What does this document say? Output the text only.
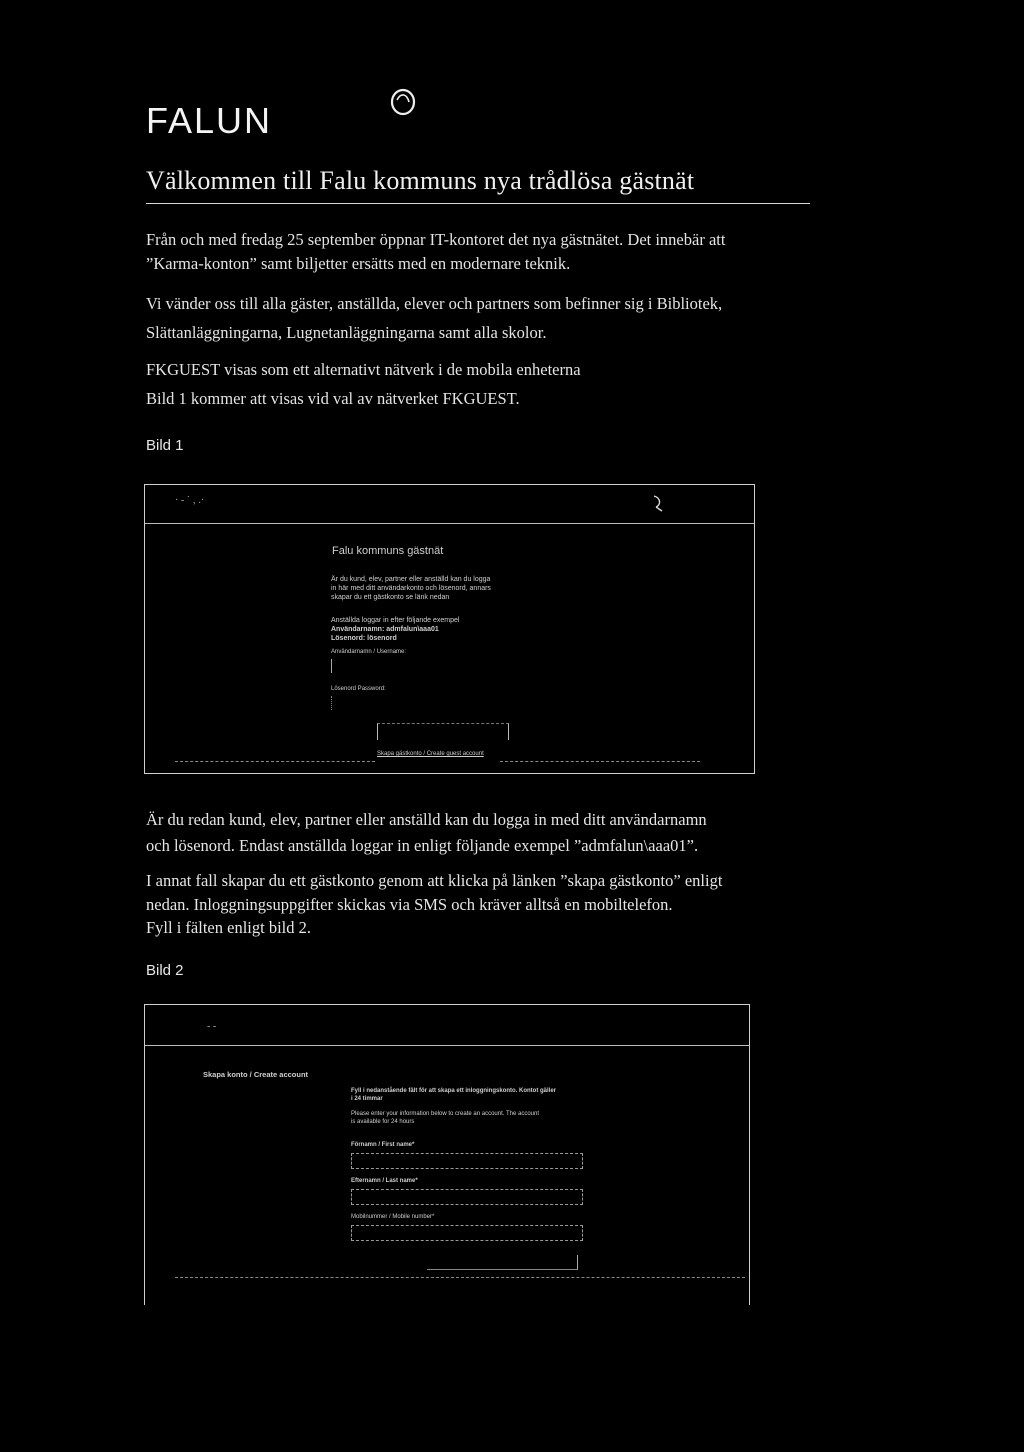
FALUN
Välkommen till Falu kommuns nya trådlösa gästnät
Från och med fredag 25 september öppnar IT-kontoret det nya gästnätet. Det innebär att
”Karma-konton” samt biljetter ersätts med en modernare teknik.
Vi vänder oss till alla gäster, anställda, elever och partners som befinner sig i Bibliotek,
Slättanläggningarna, Lugnetanläggningarna samt alla skolor.
FKGUEST visas som ett alternativt nätverk i de mobila enheterna
Bild 1 kommer att visas vid val av nätverket FKGUEST.
Bild 1
· - ˙ ‚ .·
Falu kommuns gästnät
Är du kund, elev, partner eller anställd kan du logga
in här med ditt användarkonto och lösenord, annars
skapar du ett gästkonto se länk nedan
Anställda loggar in efter följande exempel
Användarnamn: admfalun\aaa01
Lösenord: lösenord
Användarnamn / Username:
Lösenord Password:
Skapa gästkonto / Create guest account
Är du redan kund, elev, partner eller anställd kan du logga in med ditt användarnamn
och lösenord. Endast anställda loggar in enligt följande exempel ”admfalun\aaa01”.
I annat fall skapar du ett gästkonto genom att klicka på länken ”skapa gästkonto” enligt
nedan. Inloggningsuppgifter skickas via SMS och kräver alltså en mobiltelefon.
Fyll i fälten enligt bild 2.
Bild 2
- -
Skapa konto / Create account
Fyll i nedanstående fält för att skapa ett inloggningskonto. Kontot gäller
i 24 timmar
Please enter your information below to create an account. The account
is available for 24 hours
Förnamn / First name*
Efternamn / Last name*
Mobilnummer / Mobile number*
